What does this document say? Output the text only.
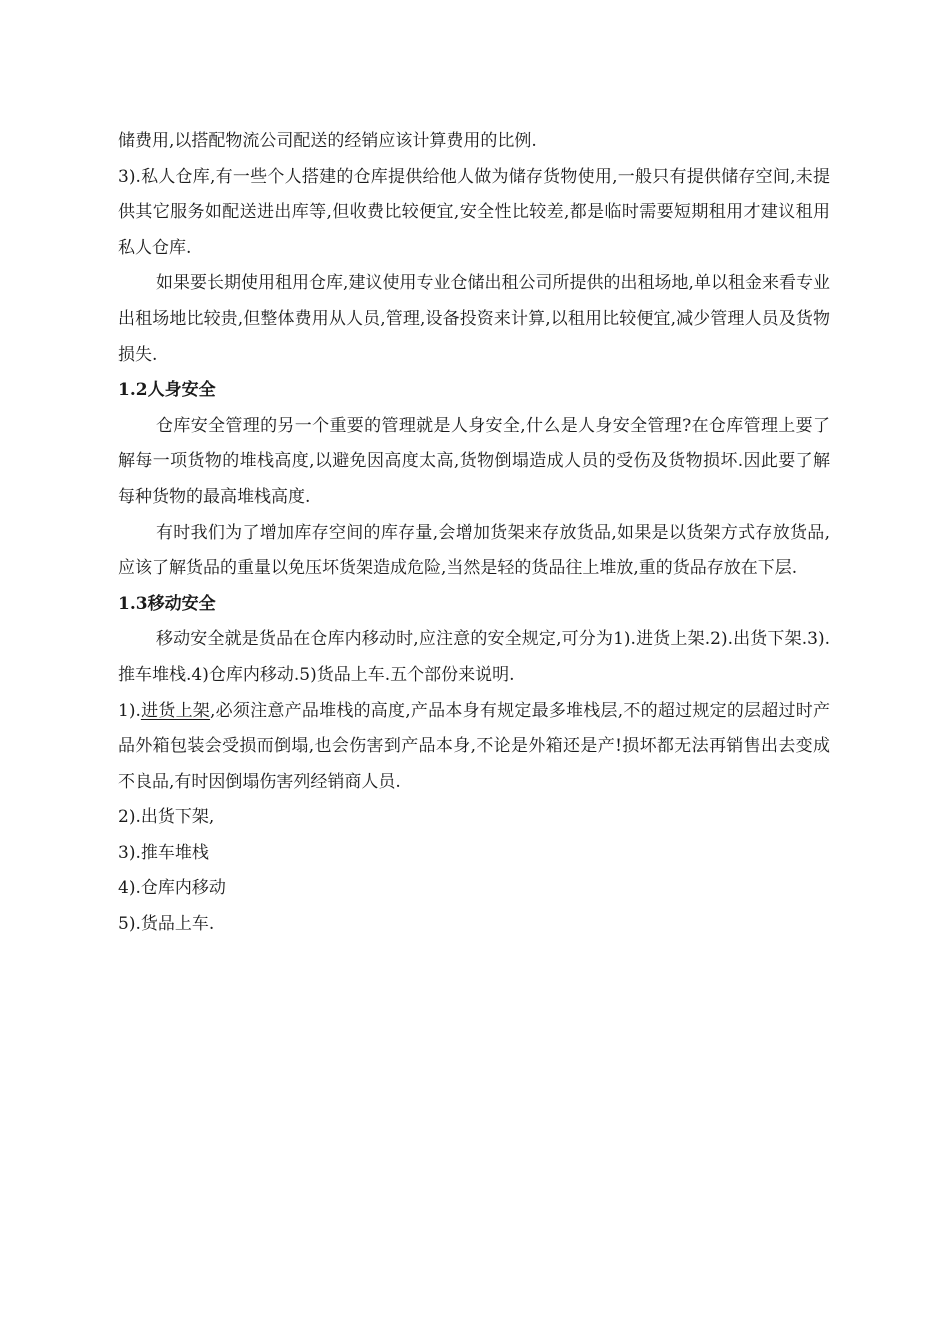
储费用,以搭配物流公司配送的经销应该计算费用的比例.

3).私人仓库,有一些个人搭建的仓库提供给他人做为储存货物使用,一般只有提供储存空间,未提供其它服务如配送进出库等,但收费比较便宜,安全性比较差,都是临时需要短期租用才建议租用私人仓库.

如果要长期使用租用仓库,建议使用专业仓储出租公司所提供的出租场地,单以租金来看专业出租场地比较贵,但整体费用从人员,管理,设备投资来计算,以租用比较便宜,减少管理人员及货物损失.

1.2人身安全

仓库安全管理的另一个重要的管理就是人身安全,什么是人身安全管理?在仓库管理上要了解每一项货物的堆栈高度,以避免因高度太高,货物倒塌造成人员的受伤及货物损坏.因此要了解每种货物的最高堆栈高度.

有时我们为了增加库存空间的库存量,会增加货架来存放货品,如果是以货架方式存放货品,应该了解货品的重量以免压坏货架造成危险,当然是轻的货品往上堆放,重的货品存放在下层.

1.3移动安全

移动安全就是货品在仓库内移动时,应注意的安全规定,可分为1).进货上架.2).出货下架.3).推车堆栈.4)仓库内移动.5)货品上车.五个部份来说明.

1).进货上架,必须注意产品堆栈的高度,产品本身有规定最多堆栈层,不的超过规定的层超过时产品外箱包装会受损而倒塌,也会伤害到产品本身,不论是外箱还是产!损坏都无法再销售出去变成不良品,有时因倒塌伤害列经销商人员.

2).出货下架,

3).推车堆栈

4).仓库内移动

5).货品上车.
